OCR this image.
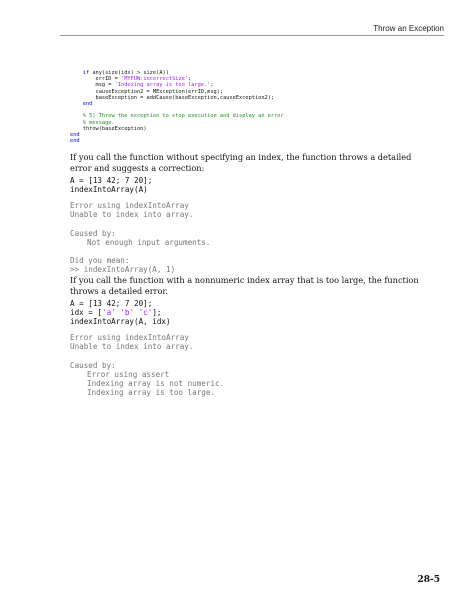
Throw an Exception
if any(size(idx) > size(A))
errID = 'MYFUN:incorrectSize';
msg = 'Indexing array is too large.';
causeException2 = MException(errID,msg);
baseException = addCause(baseException,causeException2);
end

% 5) Throw the exception to stop execution and display an error
% message.
throw(baseException)
end
end
If you call the function without specifying an index, the function throws a detailed error and suggests a correction:
A = [13 42; 7 20];
indexIntoArray(A)
Error using indexIntoArray
Unable to index into array.

Caused by:
Not enough input arguments.

Did you mean:
>> indexIntoArray(A, 1)
If you call the function with a nonnumeric index array that is too large, the function throws a detailed error.
A = [13 42; 7 20];
idx = ['a' 'b' 'c'];
indexIntoArray(A, idx)
Error using indexIntoArray
Unable to index into array.

Caused by:
Error using assert
Indexing array is not numeric.
Indexing array is too large.
28-5
